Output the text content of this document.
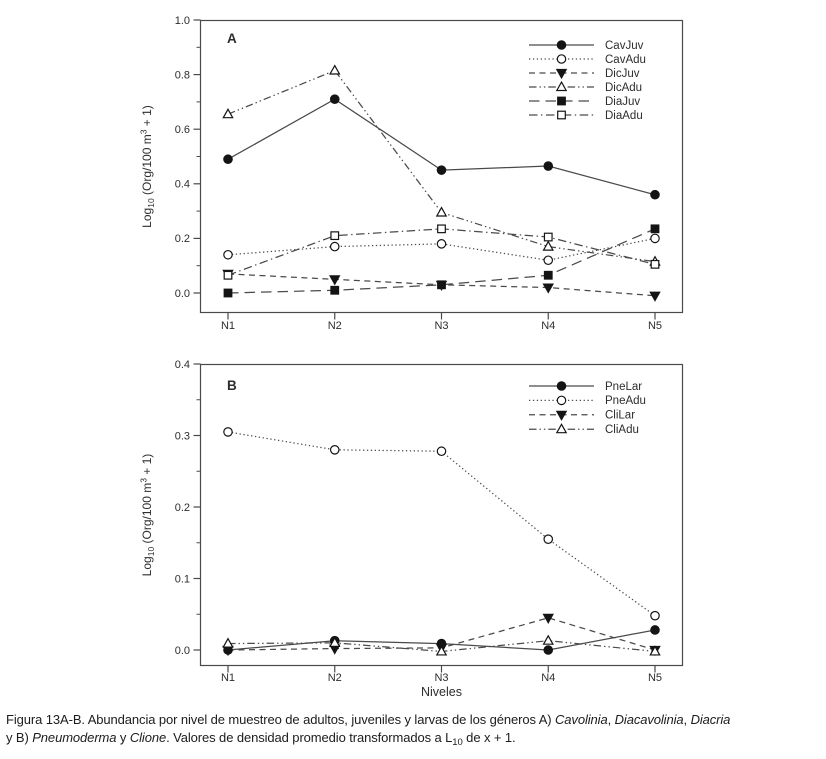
0.0
0.2
0.4
0.6
0.8
1.0
N1	N2	N3	N4	N5
Log$_{10}$ (Org/100 $m^3 + 1$)
A	CavJuv
CavAdu
DicJuv
DicAdu
DiaJuv
DiaAdu
0.0
0.1
0.2
0.3
0.4
N1	N2	N3	N4	N5
Niveles
Log$_{10}$ (Org/100 $m^3 + 1$)
B	PneLar
PneAdu
CliLar
CliAdu
Figura 13A-B. Abundancia por nivel de muestreo de adultos, juveniles y larvas de los géneros A) Cavolinia, Diacavolinia, Diacria
y B) Pneumoderma y Clione. Valores de densidad promedio transformados a $L_{10}$ de x + 1.
